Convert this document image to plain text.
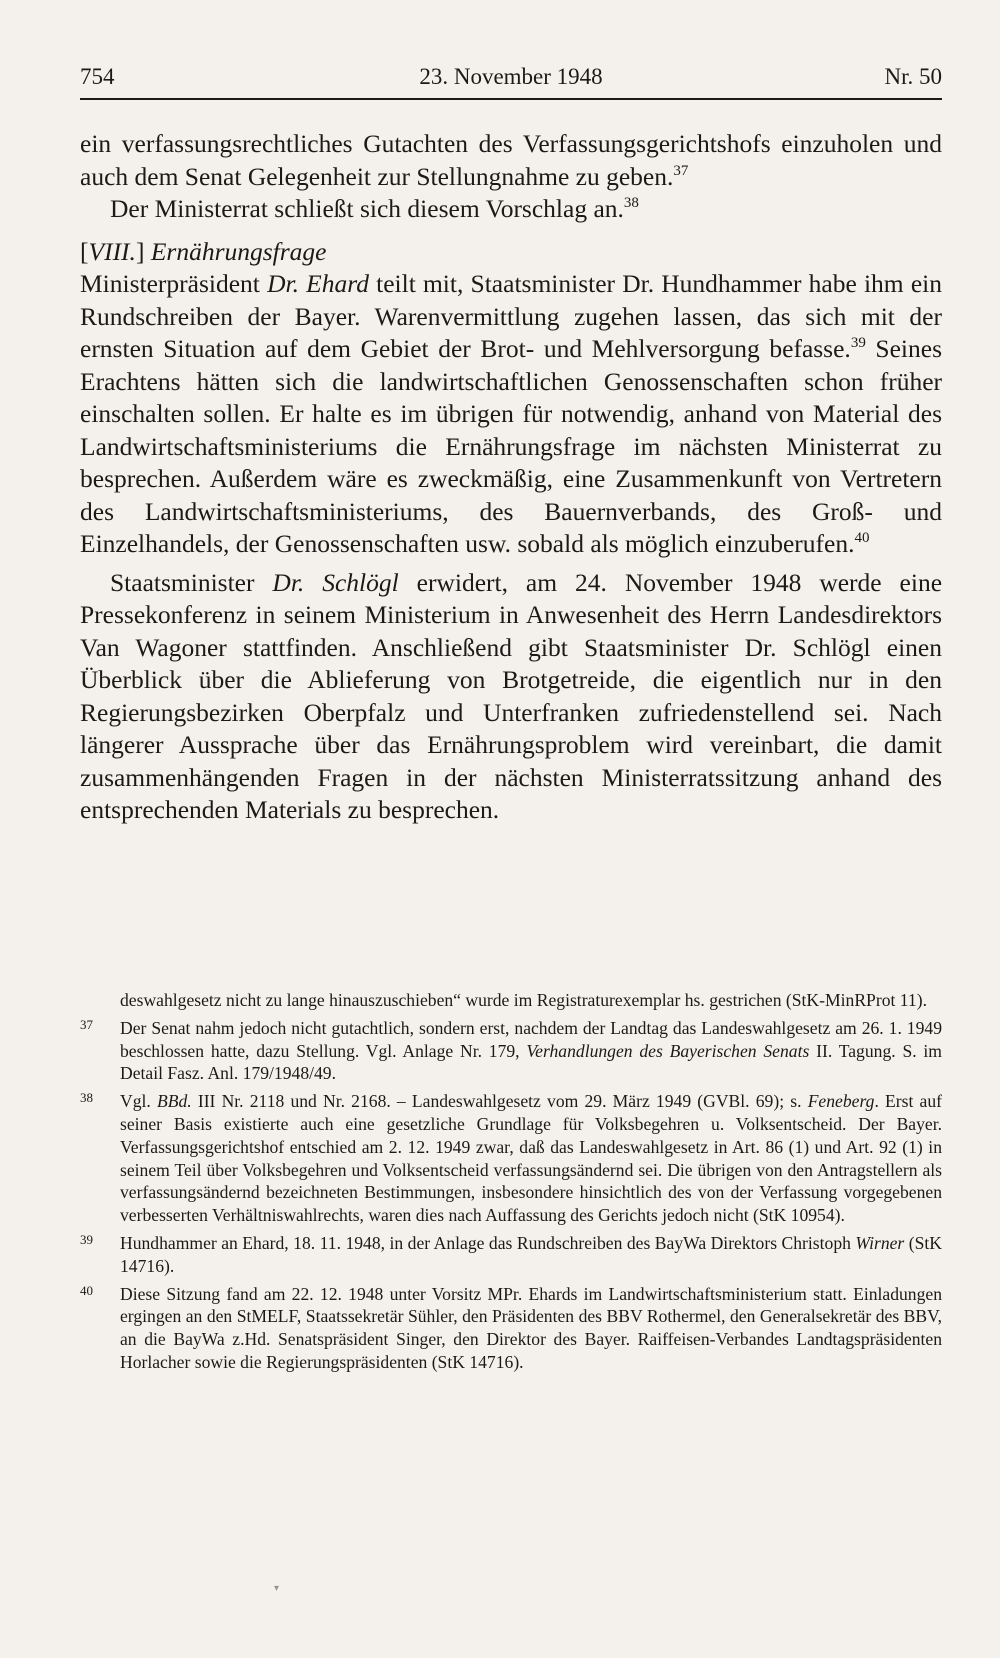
754	23. November 1948	Nr. 50

ein verfassungsrechtliches Gutachten des Verfassungsgerichtshofs einzuholen und auch dem Senat Gelegenheit zur Stellungnahme zu geben.$^{37}$

Der Ministerrat schließt sich diesem Vorschlag an.$^{38}$

[VIII.] Ernährungsfrage

Ministerpräsident Dr. Ehard teilt mit, Staatsminister Dr. Hundhammer habe ihm ein Rundschreiben der Bayer. Warenvermittlung zugehen lassen, das sich mit der ernsten Situation auf dem Gebiet der Brot- und Mehlversorgung befasse.$^{39}$ Seines Erachtens hätten sich die landwirtschaftlichen Genossenschaften schon früher einschalten sollen. Er halte es im übrigen für notwendig, anhand von Material des Landwirtschaftsministeriums die Ernährungsfrage im nächsten Ministerrat zu besprechen. Außerdem wäre es zweckmäßig, eine Zusammenkunft von Vertretern des Landwirtschaftsministeriums, des Bauernverbands, des Groß- und Einzelhandels, der Genossenschaften usw. sobald als möglich einzuberufen.$^{40}$

Staatsminister Dr. Schlögl erwidert, am 24. November 1948 werde eine Pressekonferenz in seinem Ministerium in Anwesenheit des Herrn Landesdirektors Van Wagoner stattfinden. Anschließend gibt Staatsminister Dr. Schlögl einen Überblick über die Ablieferung von Brotgetreide, die eigentlich nur in den Regierungsbezirken Oberpfalz und Unterfranken zufriedenstellend sei. Nach längerer Aussprache über das Ernährungsproblem wird vereinbart, die damit zusammenhängenden Fragen in der nächsten Ministerratssitzung anhand des entsprechenden Materials zu besprechen.

deswahlgesetz nicht zu lange hinauszuschieben“ wurde im Registraturexemplar hs. gestrichen (StK-MinRProt 11).
37 Der Senat nahm jedoch nicht gutachtlich, sondern erst, nachdem der Landtag das Landeswahlgesetz am 26. 1. 1949 beschlossen hatte, dazu Stellung. Vgl. Anlage Nr. 179, Verhandlungen des Bayerischen Senats II. Tagung. S. im Detail Fasz. Anl. 179/1948/49.
38 Vgl. BBd. III Nr. 2118 und Nr. 2168. – Landeswahlgesetz vom 29. März 1949 (GVBl. 69); s. Feneberg. Erst auf seiner Basis existierte auch eine gesetzliche Grundlage für Volksbegehren u. Volksentscheid. Der Bayer. Verfassungsgerichtshof entschied am 2. 12. 1949 zwar, daß das Landeswahlgesetz in Art. 86 (1) und Art. 92 (1) in seinem Teil über Volksbegehren und Volksentscheid verfassungsändernd sei. Die übrigen von den Antragstellern als verfassungsändernd bezeichneten Bestimmungen, insbesondere hinsichtlich des von der Verfassung vorgegebenen verbesserten Verhältniswahlrechts, waren dies nach Auffassung des Gerichts jedoch nicht (StK 10954).
39 Hundhammer an Ehard, 18. 11. 1948, in der Anlage das Rundschreiben des BayWa Direktors Christoph Wirner (StK 14716).
40 Diese Sitzung fand am 22. 12. 1948 unter Vorsitz MPr. Ehards im Landwirtschaftsministerium statt. Einladungen ergingen an den StMELF, Staatssekretär Sühler, den Präsidenten des BBV Rothermel, den Generalsekretär des BBV, an die BayWa z.Hd. Senatspräsident Singer, den Direktor des Bayer. Raiffeisen-Verbandes Landtagspräsidenten Horlacher sowie die Regierungspräsidenten (StK 14716).
▾
